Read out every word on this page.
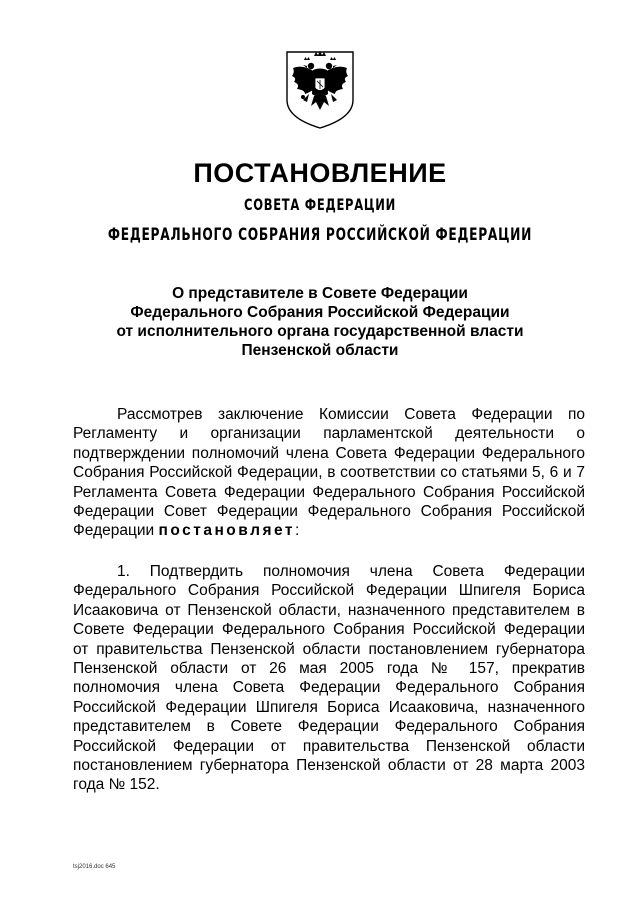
ПОСТАНОВЛЕНИЕ
СОВЕТА ФЕДЕРАЦИИ
ФЕДЕРАЛЬНОГО СОБРАНИЯ РОССИЙСКОЙ ФЕДЕРАЦИИ
О представителе в Совете Федерации
Федерального Собрания Российской Федерации
от исполнительного органа государственной власти
Пензенской области

Рассмотрев заключение Комиссии Совета Федерации по Регламенту и организации парламентской деятельности о подтверждении полномочий члена Совета Федерации Федерального Собрания Российской Федерации, в соответствии со статьями 5, 6 и 7 Регламента Совета Федерации Федерального Собрания Российской Федерации Совет Федерации Федерального Собрания Российской Федерации постановляет:

1. Подтвердить полномочия члена Совета Федерации Федерального Собрания Российской Федерации Шпигеля Бориса Исааковича от Пензенской области, назначенного представителем в Совете Федерации Федерального Собрания Российской Федерации от правительства Пензенской области постановлением губернатора Пензенской области от 26 мая 2005 года № 157, прекратив полномочия члена Совета Федерации Федерального Собрания Российской Федерации Шпигеля Бориса Исааковича, назначенного представителем в Совете Федерации Федерального Собрания Российской Федерации от правительства Пензенской области постановлением губернатора Пензенской области от 28 марта 2003 года № 152.

tsj2016.doc 645
